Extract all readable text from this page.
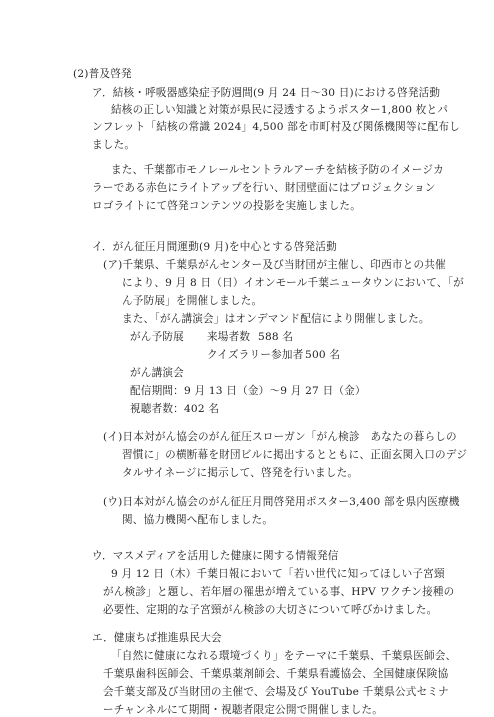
(2)普及啓発
ア．結核・呼吸器感染症予防週間(9 月 24 日～30 日)における啓発活動
結核の正しい知識と対策が県民に浸透するようポスター1,800 枚とパ
ンフレット「結核の常識 2024」4,500 部を市町村及び関係機関等に配布し
ました。
また、千葉都市モノレールセントラルアーチを結核予防のイメージカ
ラーである赤色にライトアップを行い、財団壁面にはプロジェクション
ロゴライトにて啓発コンテンツの投影を実施しました。
イ．がん征圧月間運動(9 月)を中心とする啓発活動
(ア)千葉県、千葉県がんセンター及び当財団が主催し、印西市との共催
により、9 月 8 日（日）イオンモール千葉ニュータウンにおいて、「が
ん予防展」を開催しました。
また、「がん講演会」はオンデマンド配信により開催しました。
がん予防展 来場者数 588 名
クイズラリー参加者 500 名
がん講演会
配信期間：9 月 13 日（金）～9 月 27 日（金）
視聴者数：402 名
(イ)日本対がん協会のがん征圧スローガン「がん検診　あなたの暮らしの
習慣に」の横断幕を財団ビルに掲出するとともに、正面玄関入口のデジ
タルサイネージに掲示して、啓発を行いました。
(ウ)日本対がん協会のがん征圧月間啓発用ポスター3,400 部を県内医療機
関、協力機関へ配布しました。
ウ．マスメディアを活用した健康に関する情報発信
9 月 12 日（木）千葉日報において「若い世代に知ってほしい子宮頸
がん検診」と題し、若年層の罹患が増えている事、HPV ワクチン接種の
必要性、定期的な子宮頸がん検診の大切さについて呼びかけました。
エ．健康ちば推進県民大会
「自然に健康になれる環境づくり」をテーマに千葉県、千葉県医師会、
千葉県歯科医師会、千葉県薬剤師会、千葉県看護協会、全国健康保険協
会千葉支部及び当財団の主催で、会場及び YouTube 千葉県公式セミナ
ーチャンネルにて期間・視聴者限定公開で開催しました。
